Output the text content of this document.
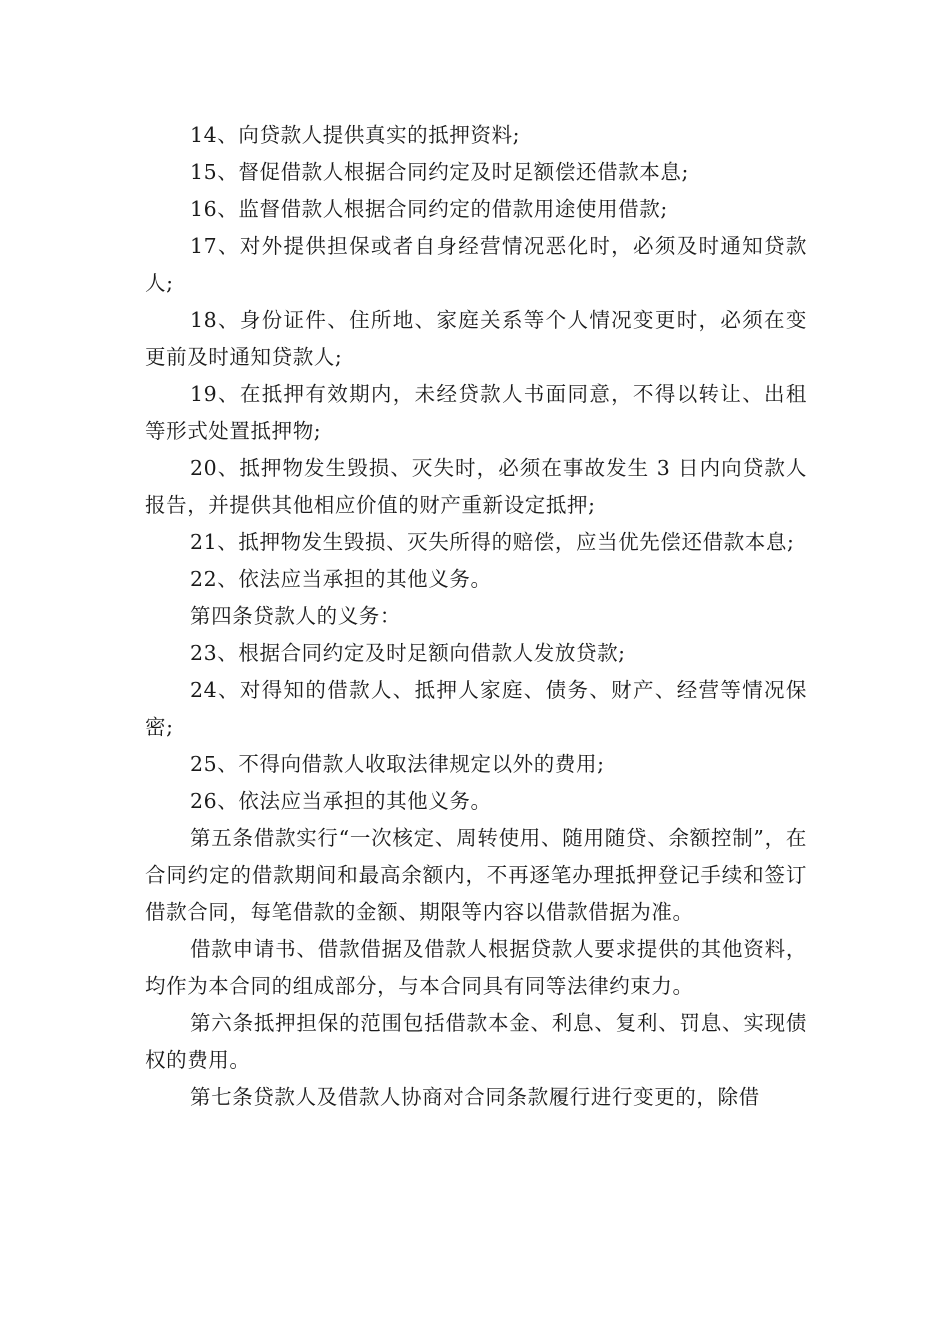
14、向贷款人提供真实的抵押资料;

15、督促借款人根据合同约定及时足额偿还借款本息;

16、监督借款人根据合同约定的借款用途使用借款;

17、对外提供担保或者自身经营情况恶化时，必须及时通知贷款人;

18、身份证件、住所地、家庭关系等个人情况变更时，必须在变更前及时通知贷款人;

19、在抵押有效期内，未经贷款人书面同意，不得以转让、出租等形式处置抵押物;

20、抵押物发生毁损、灭失时，必须在事故发生 3 日内向贷款人报告，并提供其他相应价值的财产重新设定抵押;

21、抵押物发生毁损、灭失所得的赔偿，应当优先偿还借款本息;

22、依法应当承担的其他义务。

第四条贷款人的义务：

23、根据合同约定及时足额向借款人发放贷款;

24、对得知的借款人、抵押人家庭、债务、财产、经营等情况保密;

25、不得向借款人收取法律规定以外的费用;

26、依法应当承担的其他义务。

第五条借款实行“一次核定、周转使用、随用随贷、余额控制”，在合同约定的借款期间和最高余额内，不再逐笔办理抵押登记手续和签订借款合同，每笔借款的金额、期限等内容以借款借据为准。

借款申请书、借款借据及借款人根据贷款人要求提供的其他资料，均作为本合同的组成部分，与本合同具有同等法律约束力。

第六条抵押担保的范围包括借款本金、利息、复利、罚息、实现债权的费用。

第七条贷款人及借款人协商对合同条款履行进行变更的，除借
